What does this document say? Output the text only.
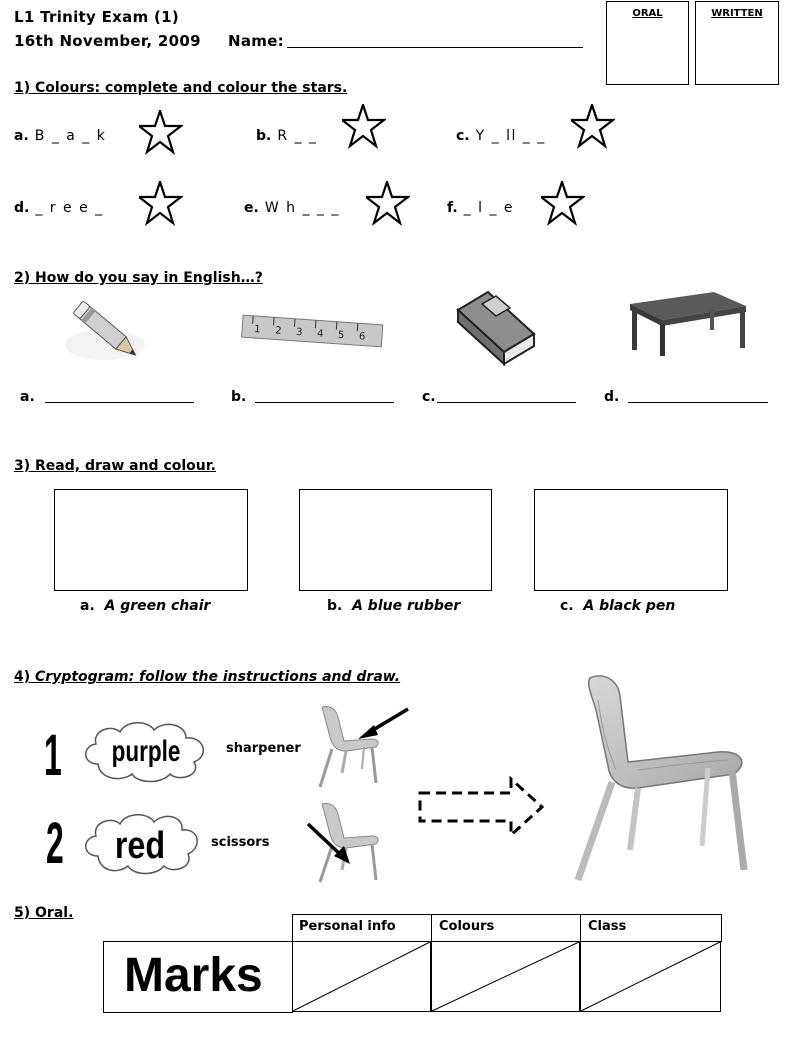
L1 Trinity Exam (1)
16th November, 2009 Name:
ORAL	WRITTEN
1) Colours: complete and colour the stars.
a. B _ a _ k	b. R _ _	c. Y _ ll _ _
d. _ r e e _	e. W h _ _ _	f. _ l _ e
2) How do you say in English…?
1 2 3 4 5 6
a.	b.	c.	d.
3) Read, draw and colour.
a. A green chair	b. A blue rubber	c. A black pen
4) Cryptogram: follow the instructions and draw.
1 purple	sharpener
2 red	scissors
5) Oral.
Personal info	Colours	Class
Marks
